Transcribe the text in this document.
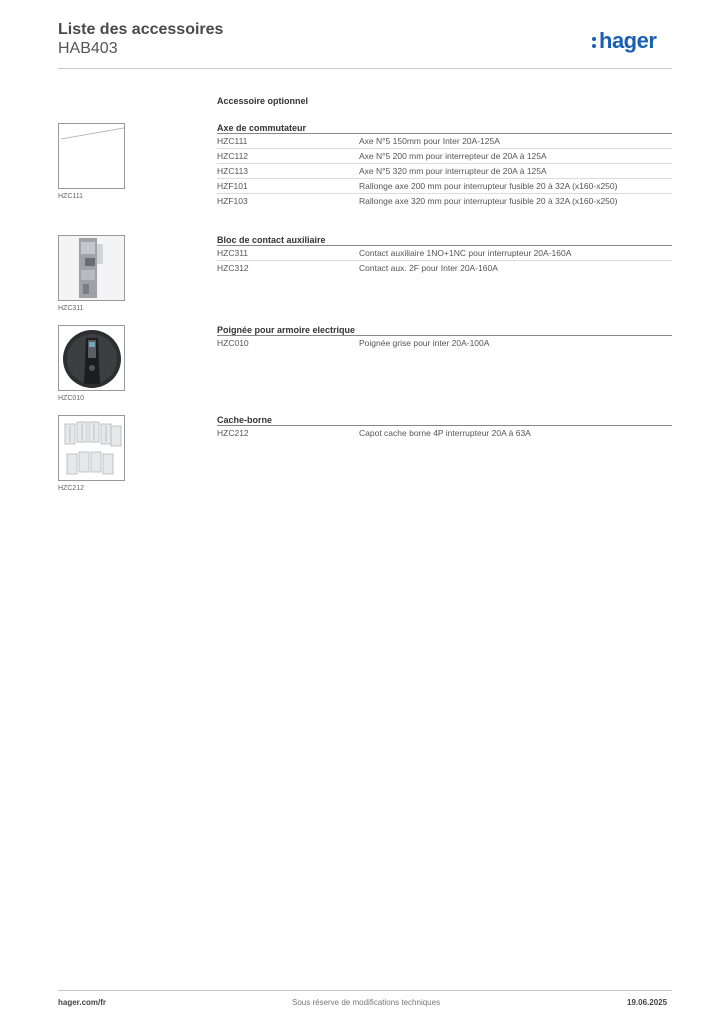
Liste des accessoires
HAB403	hager
Accessoire optionnel
HZC111
Axe de commutateur
HZC111	Axe N°5 150mm pour Inter 20A-125A
HZC112	Axe N°5 200 mm pour interrepteur de 20A à 125A
HZC113	Axe N°5 320 mm pour interrupteur de 20A à 125A
HZF101	Rallonge axe 200 mm pour interrupteur fusible 20 à 32A (x160-x250)
HZF103	Rallonge axe 320 mm pour interrupteur fusible 20 à 32A (x160-x250)
HZC311
Bloc de contact auxiliaire
HZC311	Contact auxiliaire 1NO+1NC pour interrupteur 20A-160A
HZC312	Contact aux. 2F pour Inter 20A-160A
HZC010
Poignée pour armoire electrique
HZC010	Poignée grise pour inter 20A-100A
HZC212
Cache-borne
HZC212	Capot cache borne 4P interrupteur 20A à 63A
hager.com/fr	Sous réserve de modifications techniques	19.06.2025
